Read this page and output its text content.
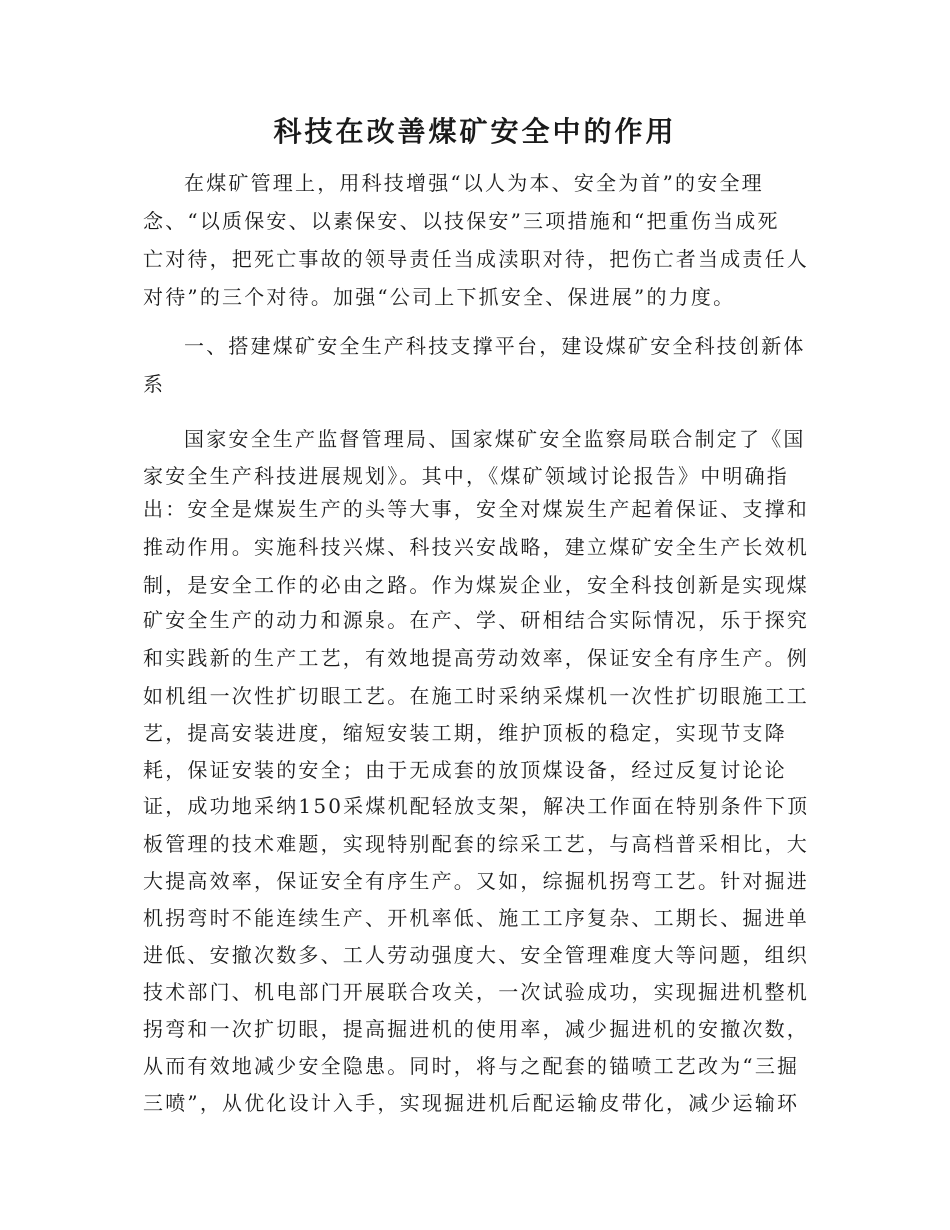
科技在改善煤矿安全中的作用

在煤矿管理上，用科技增强“以人为本、安全为首”的安全理

念、“以质保安、以素保安、以技保安”三项措施和“把重伤当成死

亡对待，把死亡事故的领导责任当成渎职对待，把伤亡者当成责任人

对待”的三个对待。加强“公司上下抓安全、保进展”的力度。

一、搭建煤矿安全生产科技支撑平台，建设煤矿安全科技创新体

系

国家安全生产监督管理局、国家煤矿安全监察局联合制定了《国

家安全生产科技进展规划》。其中，《煤矿领域讨论报告》中明确指

出：安全是煤炭生产的头等大事，安全对煤炭生产起着保证、支撑和

推动作用。实施科技兴煤、科技兴安战略，建立煤矿安全生产长效机

制，是安全工作的必由之路。作为煤炭企业，安全科技创新是实现煤

矿安全生产的动力和源泉。在产、学、研相结合实际情况，乐于探究

和实践新的生产工艺，有效地提高劳动效率，保证安全有序生产。例

如机组一次性扩切眼工艺。在施工时采纳采煤机一次性扩切眼施工工

艺，提高安装进度，缩短安装工期，维护顶板的稳定，实现节支降

耗，保证安装的安全；由于无成套的放顶煤设备，经过反复讨论论

证，成功地采纳150采煤机配轻放支架，解决工作面在特别条件下顶

板管理的技术难题，实现特别配套的综采工艺，与高档普采相比，大

大提高效率，保证安全有序生产。又如，综掘机拐弯工艺。针对掘进

机拐弯时不能连续生产、开机率低、施工工序复杂、工期长、掘进单

进低、安撤次数多、工人劳动强度大、安全管理难度大等问题，组织

技术部门、机电部门开展联合攻关，一次试验成功，实现掘进机整机

拐弯和一次扩切眼，提高掘进机的使用率，减少掘进机的安撤次数，

从而有效地减少安全隐患。同时，将与之配套的锚喷工艺改为“三掘

三喷”，从优化设计入手，实现掘进机后配运输皮带化，减少运输环
